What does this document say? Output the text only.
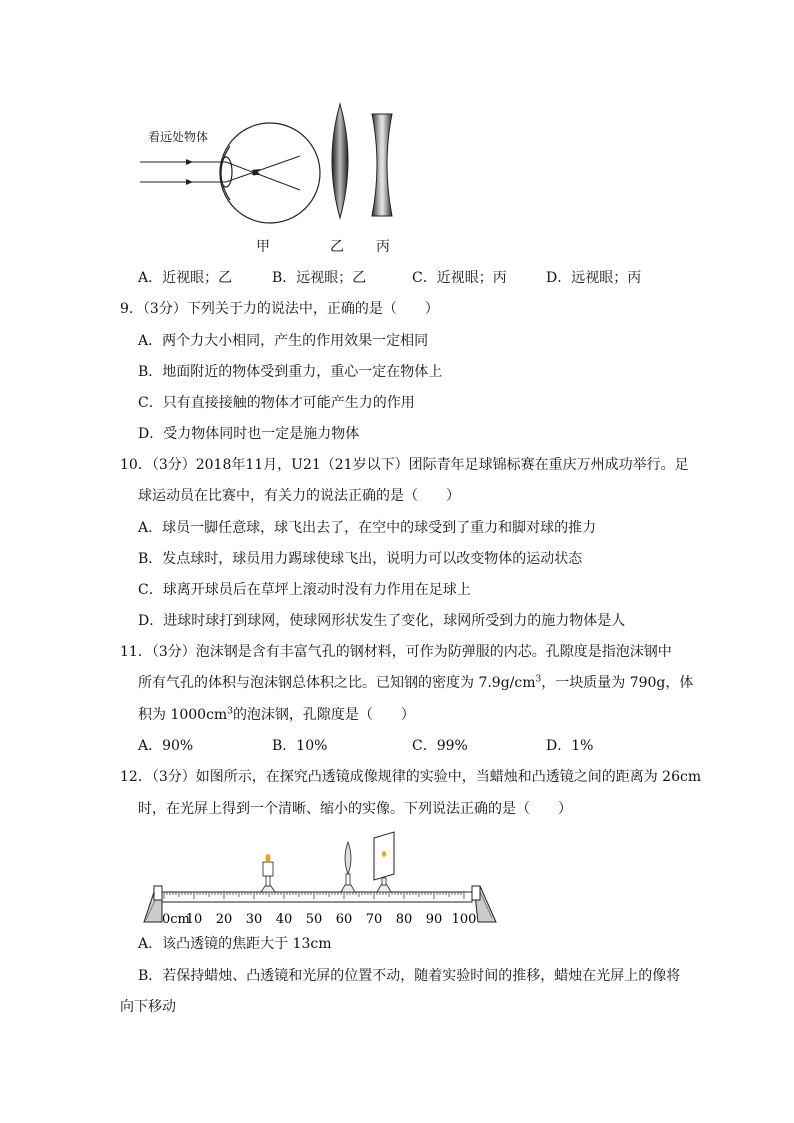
看远处物体
甲	乙 丙
A．近视眼；乙	B．远视眼；乙	C．近视眼；丙	D．远视眼；丙
9．（3分）下列关于力的说法中，正确的是（　　）
A．两个力大小相同，产生的作用效果一定相同
B．地面附近的物体受到重力，重心一定在物体上
C．只有直接接触的物体才可能产生力的作用
D．受力物体同时也一定是施力物体
10．（3分）2018年11月，U21（21岁以下）团际青年足球锦标赛在重庆万州成功举行。足
球运动员在比赛中，有关力的说法正确的是（　　）
A．球员一脚任意球，球飞出去了，在空中的球受到了重力和脚对球的推力
B．发点球时，球员用力踢球使球飞出，说明力可以改变物体的运动状态
C．球离开球员后在草坪上滚动时没有力作用在足球上
D．进球时球打到球网，使球网形状发生了变化，球网所受到力的施力物体是人
11．（3分）泡沫钢是含有丰富气孔的钢材料，可作为防弹服的内芯。孔隙度是指泡沫钢中
所有气孔的体积与泡沫钢总体积之比。已知钢的密度为 $7.9g/cm^3$，一块质量为 790g，体
积为 $1000cm^3$的泡沫钢，孔隙度是（　　）
A．90%	B．10%	C．99%	D．1%
12．（3分）如图所示，在探究凸透镜成像规律的实验中，当蜡烛和凸透镜之间的距离为 26cm
时，在光屏上得到一个清晰、缩小的实像。下列说法正确的是（　　）
0cm
10 20 30 40 50 60 70 80 90 100
A．该凸透镜的焦距大于 13cm
B．若保持蜡烛、凸透镜和光屏的位置不动，随着实验时间的推移，蜡烛在光屏上的像将
向下移动
